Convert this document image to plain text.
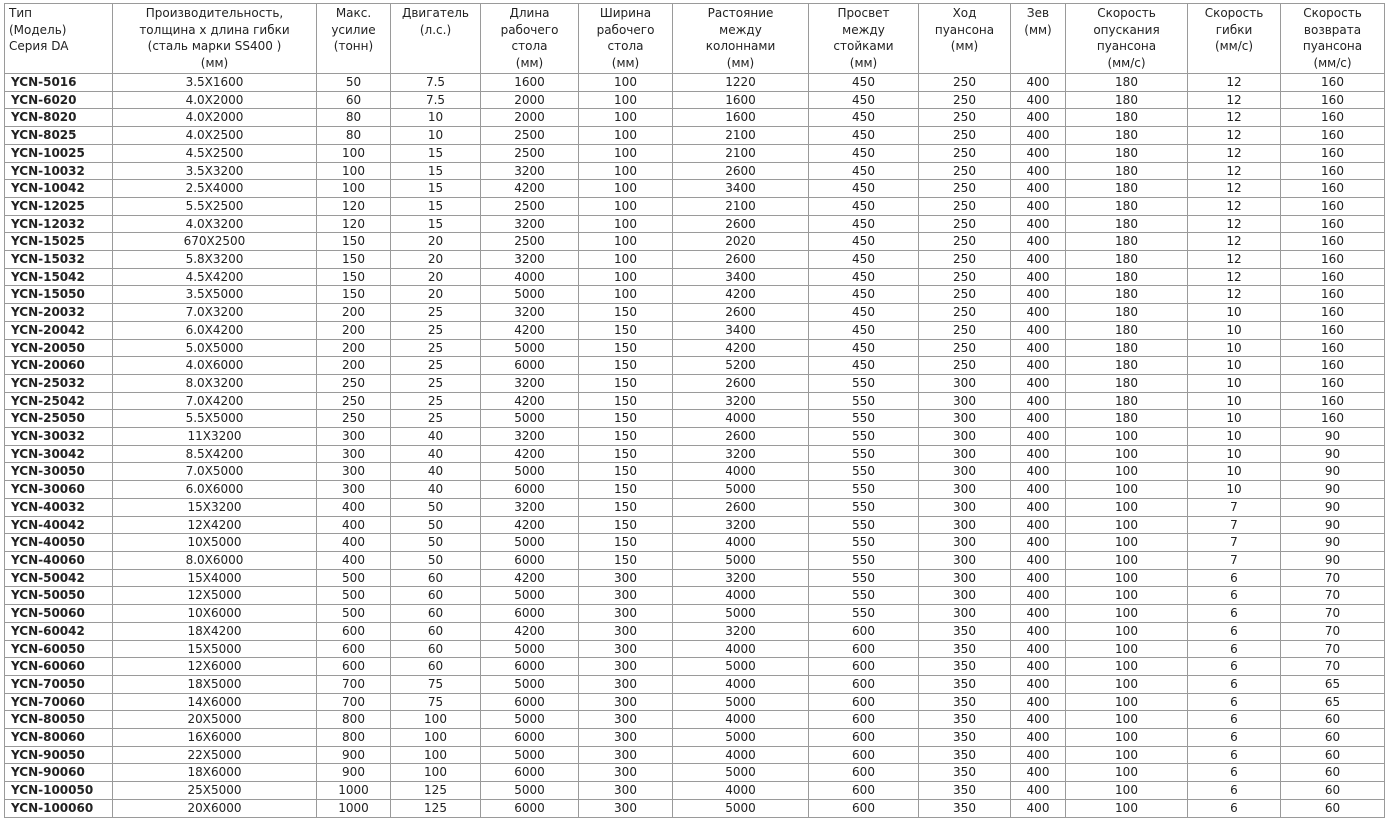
Тип
(Модель)
Серия DA	Производительность,
толщина х длина гибки
(сталь марки SS400 )
(мм)	Макс.
усилие
(тонн)	Двигатель
(л.с.)	Длина
рабочего
стола
(мм)	Ширина
рабочего
стола
(мм)	Растояние
между
колоннами
(мм)	Просвет
между
стойками
(мм)	Ход
пуансона
(мм)	Зев
(мм)	Скорость
опускания
пуансона
(мм/с)	Скорость
гибки
(мм/с)	Скорость
возврата
пуансона
(мм/с)
YCN-5016	3.5X1600	50	7.5	1600	100	1220	450	250	400	180	12	160
YCN-6020	4.0X2000	60	7.5	2000	100	1600	450	250	400	180	12	160
YCN-8020	4.0X2000	80	10	2000	100	1600	450	250	400	180	12	160
YCN-8025	4.0X2500	80	10	2500	100	2100	450	250	400	180	12	160
YCN-10025	4.5X2500	100	15	2500	100	2100	450	250	400	180	12	160
YCN-10032	3.5X3200	100	15	3200	100	2600	450	250	400	180	12	160
YCN-10042	2.5X4000	100	15	4200	100	3400	450	250	400	180	12	160
YCN-12025	5.5X2500	120	15	2500	100	2100	450	250	400	180	12	160
YCN-12032	4.0X3200	120	15	3200	100	2600	450	250	400	180	12	160
YCN-15025	670X2500	150	20	2500	100	2020	450	250	400	180	12	160
YCN-15032	5.8X3200	150	20	3200	100	2600	450	250	400	180	12	160
YCN-15042	4.5X4200	150	20	4000	100	3400	450	250	400	180	12	160
YCN-15050	3.5X5000	150	20	5000	100	4200	450	250	400	180	12	160
YCN-20032	7.0X3200	200	25	3200	150	2600	450	250	400	180	10	160
YCN-20042	6.0X4200	200	25	4200	150	3400	450	250	400	180	10	160
YCN-20050	5.0X5000	200	25	5000	150	4200	450	250	400	180	10	160
YCN-20060	4.0X6000	200	25	6000	150	5200	450	250	400	180	10	160
YCN-25032	8.0X3200	250	25	3200	150	2600	550	300	400	180	10	160
YCN-25042	7.0X4200	250	25	4200	150	3200	550	300	400	180	10	160
YCN-25050	5.5X5000	250	25	5000	150	4000	550	300	400	180	10	160
YCN-30032	11X3200	300	40	3200	150	2600	550	300	400	100	10	90
YCN-30042	8.5X4200	300	40	4200	150	3200	550	300	400	100	10	90
YCN-30050	7.0X5000	300	40	5000	150	4000	550	300	400	100	10	90
YCN-30060	6.0X6000	300	40	6000	150	5000	550	300	400	100	10	90
YCN-40032	15X3200	400	50	3200	150	2600	550	300	400	100	7	90
YCN-40042	12X4200	400	50	4200	150	3200	550	300	400	100	7	90
YCN-40050	10X5000	400	50	5000	150	4000	550	300	400	100	7	90
YCN-40060	8.0X6000	400	50	6000	150	5000	550	300	400	100	7	90
YCN-50042	15X4000	500	60	4200	300	3200	550	300	400	100	6	70
YCN-50050	12X5000	500	60	5000	300	4000	550	300	400	100	6	70
YCN-50060	10X6000	500	60	6000	300	5000	550	300	400	100	6	70
YCN-60042	18X4200	600	60	4200	300	3200	600	350	400	100	6	70
YCN-60050	15X5000	600	60	5000	300	4000	600	350	400	100	6	70
YCN-60060	12X6000	600	60	6000	300	5000	600	350	400	100	6	70
YCN-70050	18X5000	700	75	5000	300	4000	600	350	400	100	6	65
YCN-70060	14X6000	700	75	6000	300	5000	600	350	400	100	6	65
YCN-80050	20X5000	800	100	5000	300	4000	600	350	400	100	6	60
YCN-80060	16X6000	800	100	6000	300	5000	600	350	400	100	6	60
YCN-90050	22X5000	900	100	5000	300	4000	600	350	400	100	6	60
YCN-90060	18X6000	900	100	6000	300	5000	600	350	400	100	6	60
YCN-100050	25X5000	1000	125	5000	300	4000	600	350	400	100	6	60
YCN-100060	20X6000	1000	125	6000	300	5000	600	350	400	100	6	60
